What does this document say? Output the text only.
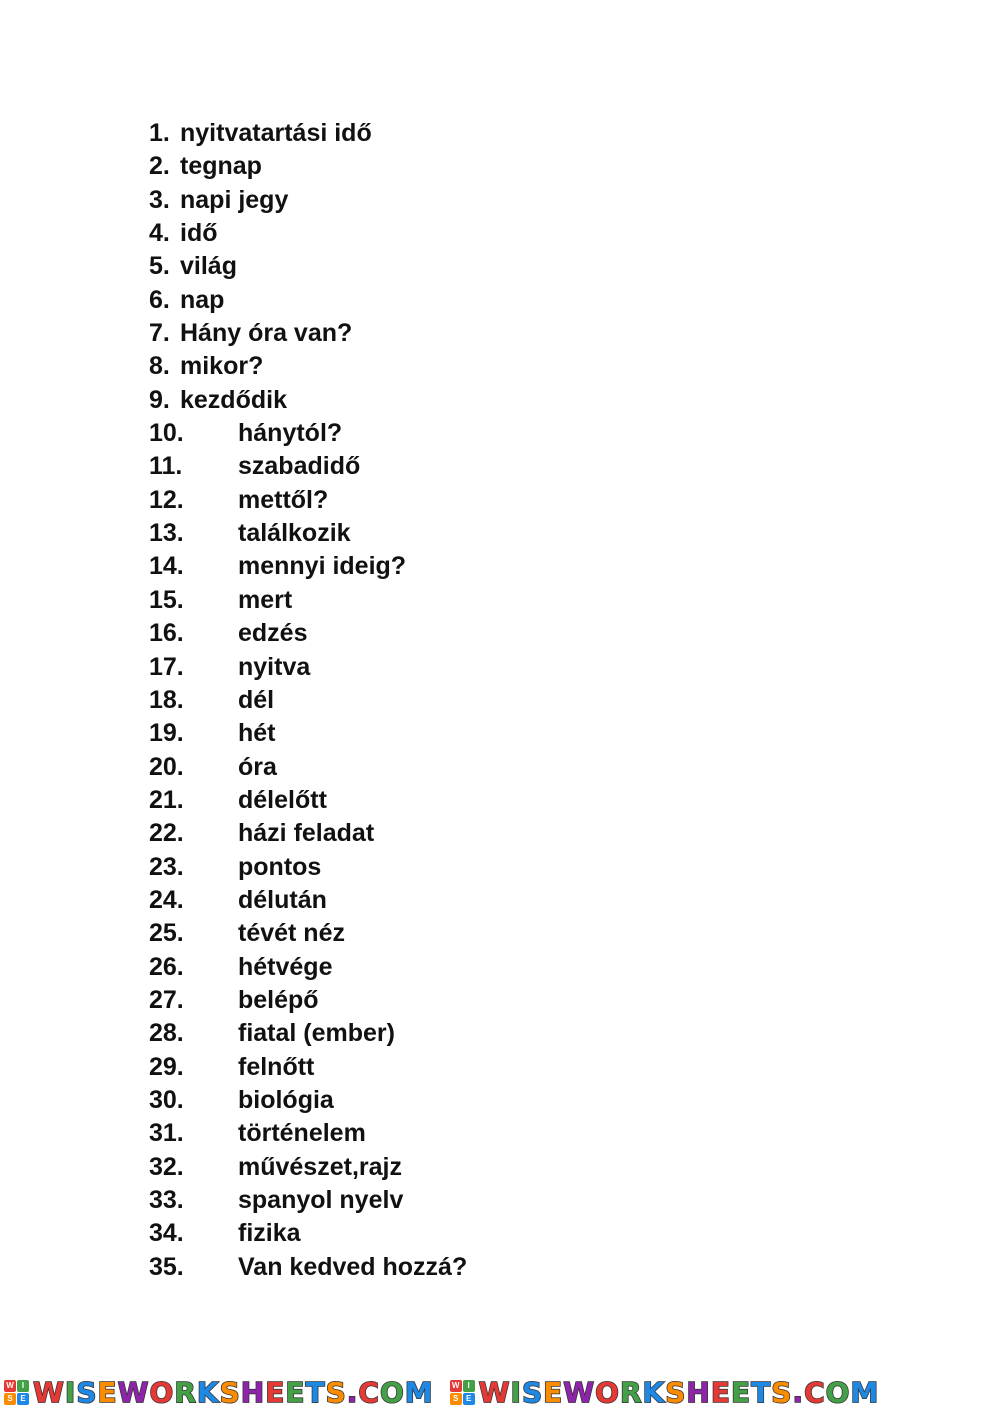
1. nyitvatartási idő
2. tegnap
3. napi jegy
4. idő
5. világ
6. nap
7. Hány óra van?
8. mikor?
9. kezdődik
10.	hánytól?
11.	szabadidő
12.	mettől?
13.	találkozik
14.	mennyi ideig?
15.	mert
16.	edzés
17.	nyitva
18.	dél
19.	hét
20.	óra
21.	délelőtt
22.	házi feladat
23.	pontos
24.	délután
25.	tévét néz
26.	hétvége
27.	belépő
28.	fiatal (ember)
29.	felnőtt
30.	biológia
31.	történelem
32.	művészet,rajz
33.	spanyol nyelv
34.	fizika
35.	Van kedved hozzá?
W	I
S E W I S E W O R K S H E E T S . C O M W	I
S E W I S E W O R K S H E E T S . C O M
